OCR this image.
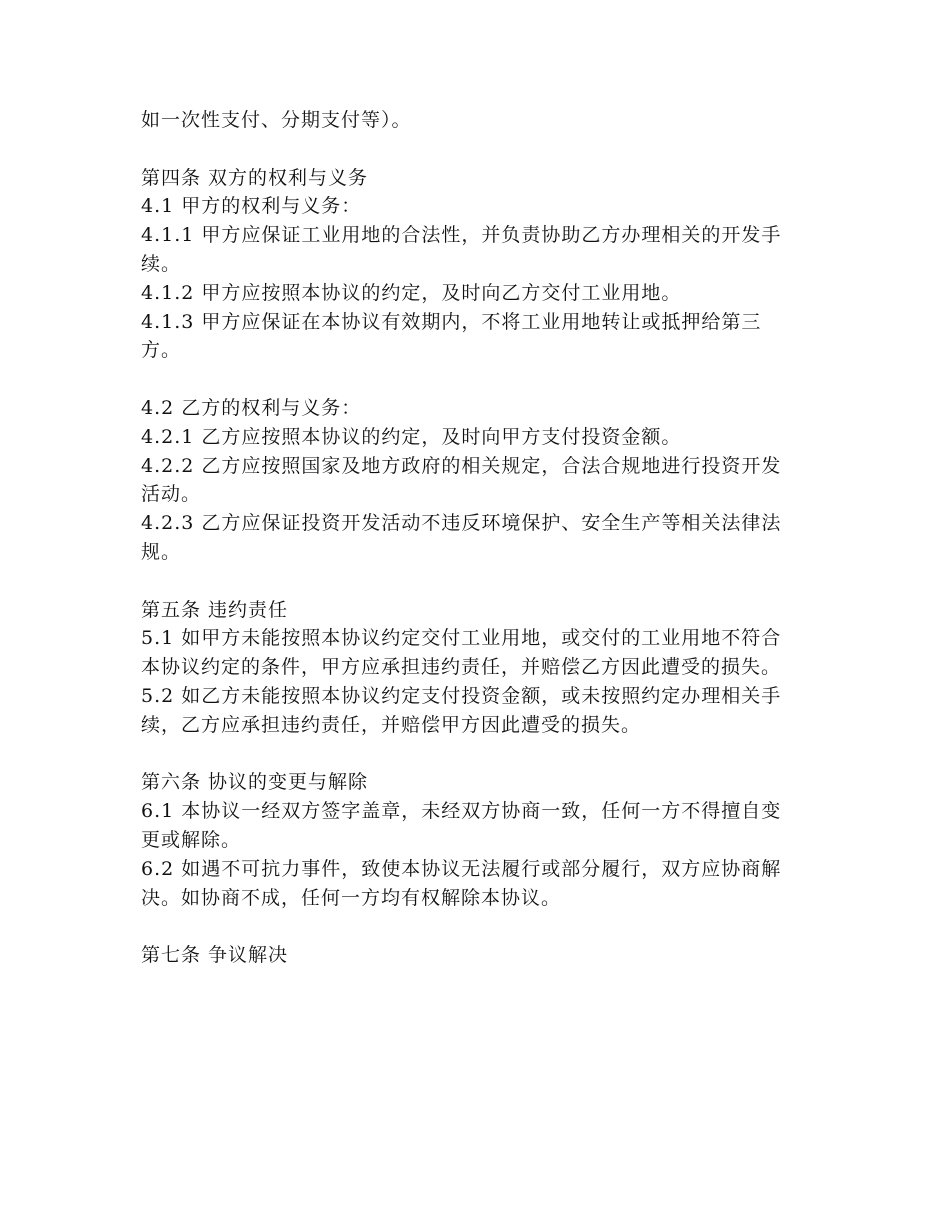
如一次性支付、分期支付等）。

第四条 双方的权利与义务

4.1 甲方的权利与义务：

4.1.1 甲方应保证工业用地的合法性，并负责协助乙方办理相关的开发手续。

4.1.2 甲方应按照本协议的约定，及时向乙方交付工业用地。

4.1.3 甲方应保证在本协议有效期内，不将工业用地转让或抵押给第三方。

4.2 乙方的权利与义务：

4.2.1 乙方应按照本协议的约定，及时向甲方支付投资金额。

4.2.2 乙方应按照国家及地方政府的相关规定，合法合规地进行投资开发活动。

4.2.3 乙方应保证投资开发活动不违反环境保护、安全生产等相关法律法规。

第五条 违约责任

5.1 如甲方未能按照本协议约定交付工业用地，或交付的工业用地不符合本协议约定的条件，甲方应承担违约责任，并赔偿乙方因此遭受的损失。

5.2 如乙方未能按照本协议约定支付投资金额，或未按照约定办理相关手续，乙方应承担违约责任，并赔偿甲方因此遭受的损失。

第六条 协议的变更与解除

6.1 本协议一经双方签字盖章，未经双方协商一致，任何一方不得擅自变更或解除。

6.2 如遇不可抗力事件，致使本协议无法履行或部分履行，双方应协商解决。如协商不成，任何一方均有权解除本协议。

第七条 争议解决
